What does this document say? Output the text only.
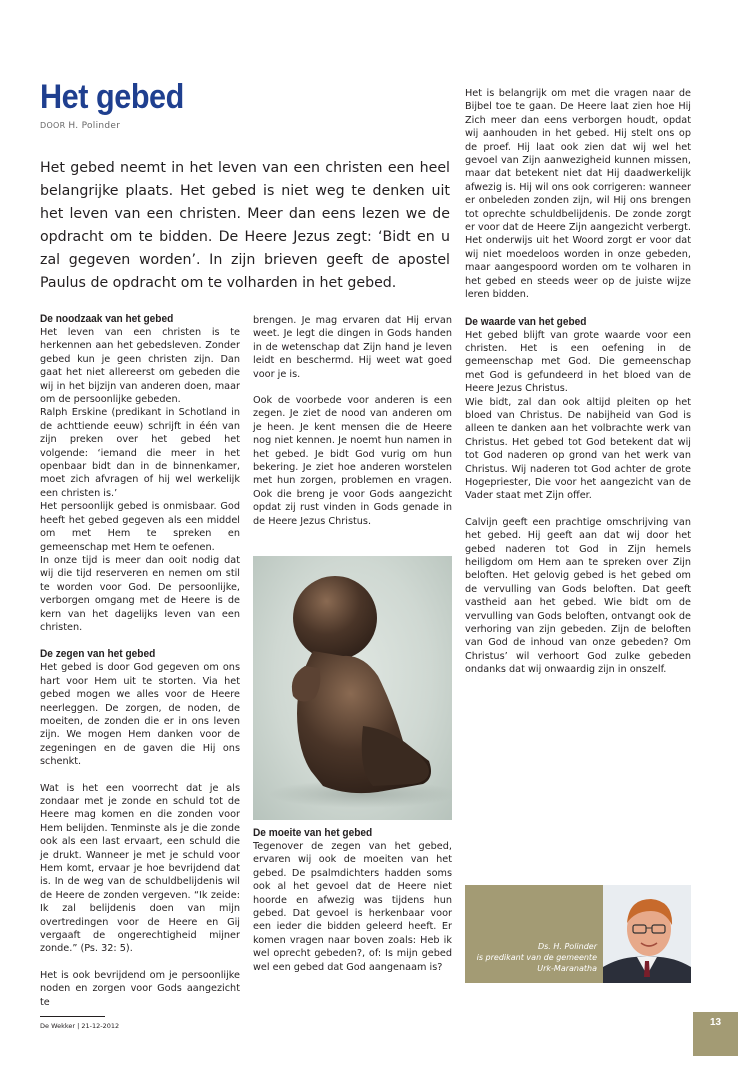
Het gebed
DOOR H. Polinder

Het gebed neemt in het leven van een christen een heel belangrijke plaats. Het gebed is niet weg te denken uit het leven van een christen. Meer dan eens lezen we de opdracht om te bidden. De Heere Jezus zegt: ‘Bidt en u zal gegeven worden’. In zijn brieven geeft de apostel Paulus de opdracht om te volharden in het gebed.

De noodzaak van het gebed

Het leven van een christen is te herkennen aan het gebedsleven. Zonder gebed kun je geen christen zijn. Dan gaat het niet allereerst om gebeden die wij in het bijzijn van anderen doen, maar om de persoonlijke gebeden.

Ralph Erskine (predikant in Schotland in de achttiende eeuw) schrijft in één van zijn preken over het gebed het volgende: ‘iemand die meer in het openbaar bidt dan in de binnenkamer, moet zich afvragen of hij wel werkelijk een christen is.’

Het persoonlijk gebed is onmisbaar. God heeft het gebed gegeven als een middel om met Hem te spreken en gemeenschap met Hem te oefenen.

In onze tijd is meer dan ooit nodig dat wij die tijd reserveren en nemen om stil te worden voor God. De persoonlijke, verborgen omgang met de Heere is de kern van het dagelijks leven van een christen.

De zegen van het gebed

Het gebed is door God gegeven om ons hart voor Hem uit te storten. Via het gebed mogen we alles voor de Heere neerleggen. De zorgen, de noden, de moeiten, de zonden die er in ons leven zijn. We mogen Hem danken voor de zegeningen en de gaven die Hij ons schenkt.

Wat is het een voorrecht dat je als zondaar met je zonde en schuld tot de Heere mag komen en die zonden voor Hem belijden. Tenminste als je die zonde ook als een last ervaart, een schuld die je drukt. Wanneer je met je schuld voor Hem komt, ervaar je hoe bevrijdend dat is. In de weg van de schuldbelijdenis wil de Heere de zonden vergeven. “Ik zeide: Ik zal belijdenis doen van mijn overtredingen voor de Heere en Gij vergaaft de ongerechtigheid mijner zonde.” (Ps. 32: 5).

Het is ook bevrijdend om je persoonlijke noden en zorgen voor Gods aangezicht te

brengen. Je mag ervaren dat Hij ervan weet. Je legt die dingen in Gods handen in de wetenschap dat Zijn hand je leven leidt en beschermd. Hij weet wat goed voor je is.

Ook de voorbede voor anderen is een zegen. Je ziet de nood van anderen om je heen. Je kent mensen die de Heere nog niet kennen. Je noemt hun namen in het gebed. Je bidt God vurig om hun bekering. Je ziet hoe anderen worstelen met hun zorgen, problemen en vragen. Ook die breng je voor Gods aangezicht opdat zij rust vinden in Gods genade in de Heere Jezus Christus.

De moeite van het gebed

Tegenover de zegen van het gebed, ervaren wij ook de moeiten van het gebed. De psalmdichters hadden soms ook al het gevoel dat de Heere niet hoorde en afwezig was tijdens hun gebed. Dat gevoel is herkenbaar voor een ieder die bidden geleerd heeft. Er komen vragen naar boven zoals: Heb ik wel oprecht gebeden?, of: Is mijn gebed wel een gebed dat God aangenaam is?

Het is belangrijk om met die vragen naar de Bijbel toe te gaan. De Heere laat zien hoe Hij Zich meer dan eens verborgen houdt, opdat wij aanhouden in het gebed. Hij stelt ons op de proef. Hij laat ook zien dat wij wel het gevoel van Zijn aanwezigheid kunnen missen, maar dat betekent niet dat Hij daadwerkelijk afwezig is. Hij wil ons ook corrigeren: wanneer er onbeleden zonden zijn, wil Hij ons brengen tot oprechte schuldbelijdenis. De zonde zorgt er voor dat de Heere Zijn aangezicht verbergt.

Het onderwijs uit het Woord zorgt er voor dat wij niet moedeloos worden in onze gebeden, maar aangespoord worden om te volharen in het gebed en steeds weer op de juiste wijze leren bidden.

De waarde van het gebed

Het gebed blijft van grote waarde voor een christen. Het is een oefening in de gemeenschap met God. Die gemeenschap met God is gefundeerd in het bloed van de Heere Jezus Christus.

Wie bidt, zal dan ook altijd pleiten op het bloed van Christus. De nabijheid van God is alleen te danken aan het volbrachte werk van Christus. Het gebed tot God betekent dat wij tot God naderen op grond van het werk van Christus. Wij naderen tot God achter de grote Hogepriester, Die voor het aangezicht van de Vader staat met Zijn offer.

Calvijn geeft een prachtige omschrijving van het gebed. Hij geeft aan dat wij door het gebed naderen tot God in Zijn hemels heiligdom om Hem aan te spreken over Zijn beloften. Het gelovig gebed is het gebed om de vervulling van Gods beloften. Dat geeft vastheid aan het gebed. Wie bidt om de vervulling van Gods beloften, ontvangt ook de verhoring van zijn gebeden. Zijn de beloften van God de inhoud van onze gebeden? Om Christus’ wil verhoort God zulke gebeden ondanks dat wij onwaardig zijn in onszelf.

Ds. H. Polinder
is predikant van de gemeente
Urk-Maranatha
De Wekker | 21-12-2012	13
